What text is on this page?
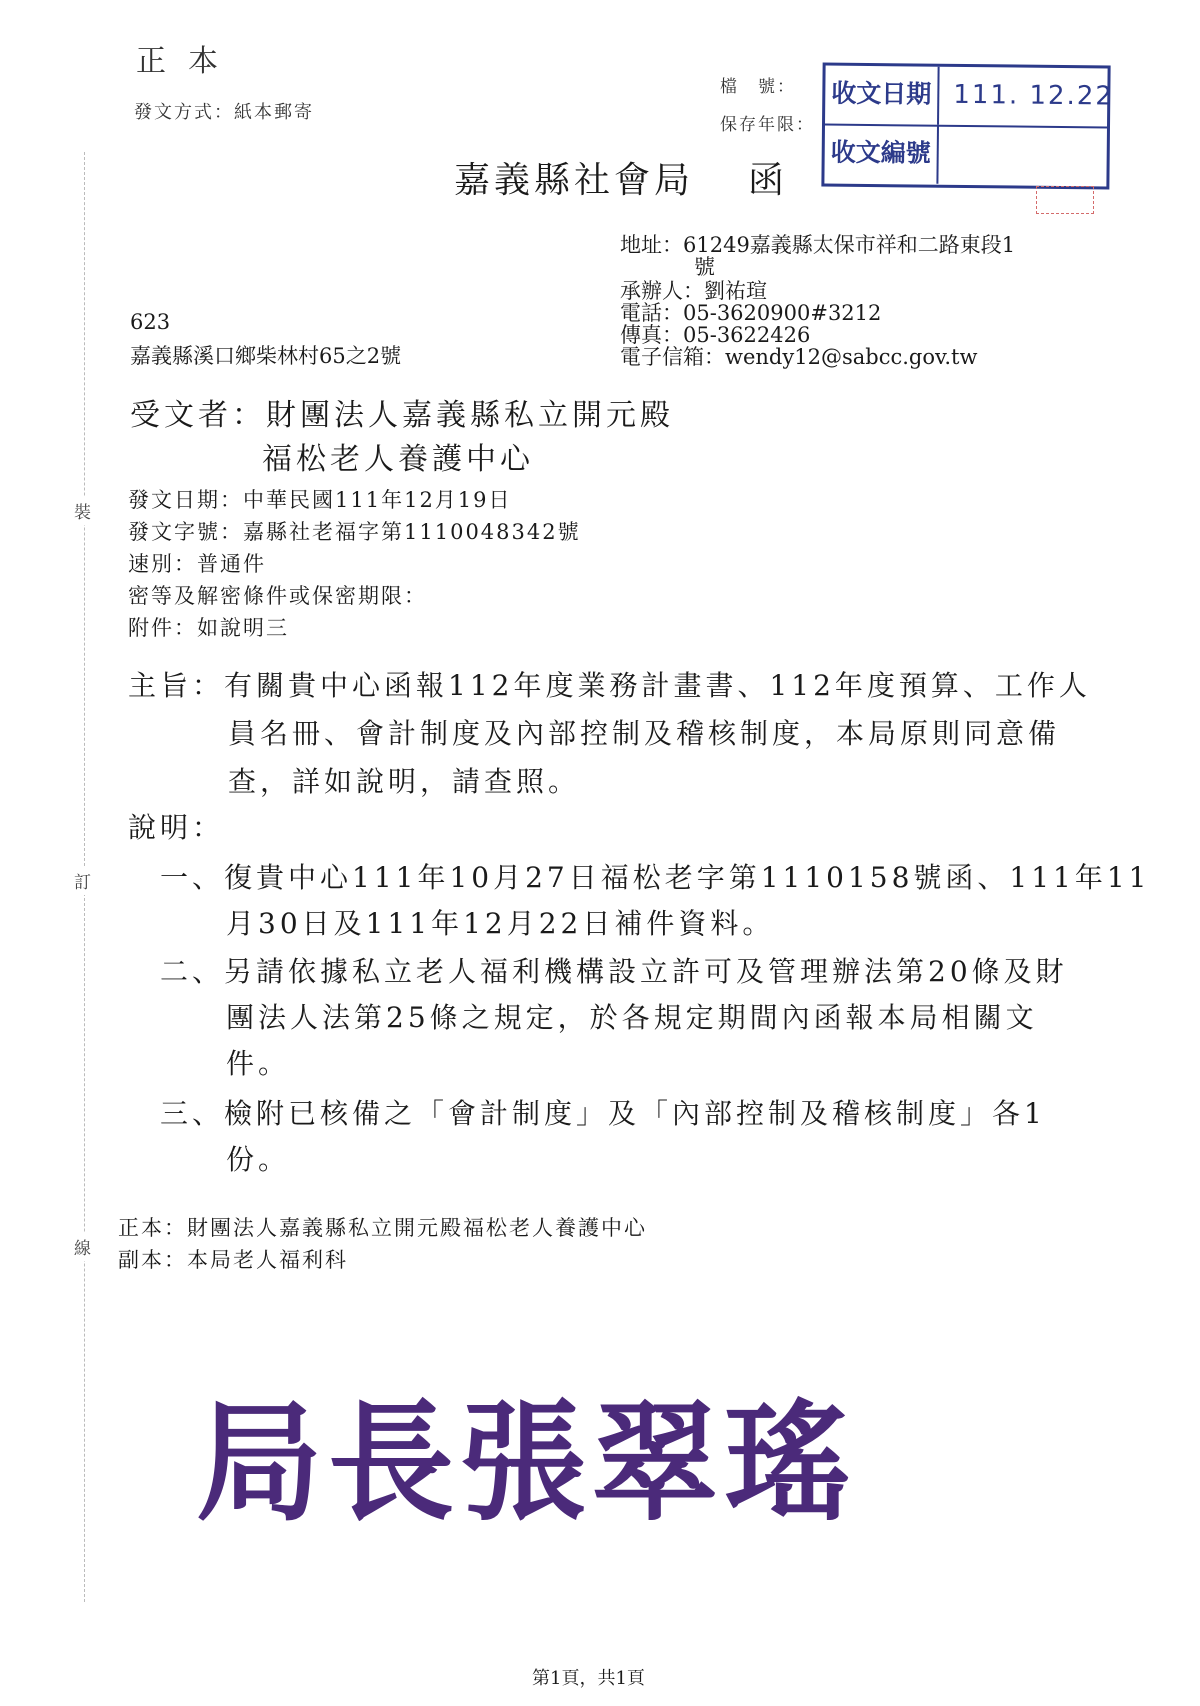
正本
發文方式：紙本郵寄
檔　號：
保存年限：
收文日期 111. 12.22
收文編號
嘉義縣社會局 函
地址：61249嘉義縣太保市祥和二路東段1
號
承辦人：劉祐瑄
電話：05-3620900#3212
傳真：05-3622426
電子信箱：wendy12@sabcc.gov.tw
623
嘉義縣溪口鄉柴林村65之2號
受文者：財團法人嘉義縣私立開元殿
福松老人養護中心
發文日期：中華民國111年12月19日
發文字號：嘉縣社老福字第1110048342號
速別：普通件
密等及解密條件或保密期限：
附件：如說明三
主旨：有關貴中心函報112年度業務計畫書、112年度預算、工作人
員名冊、會計制度及內部控制及稽核制度，本局原則同意備
查，詳如說明，請查照。
說明：
一、復貴中心111年10月27日福松老字第1110158號函、111年11
月30日及111年12月22日補件資料。
二、另請依據私立老人福利機構設立許可及管理辦法第20條及財
團法人法第25條之規定，於各規定期間內函報本局相關文
件。
三、檢附已核備之「會計制度」及「內部控制及稽核制度」各1
份。
正本：財團法人嘉義縣私立開元殿福松老人養護中心
副本：本局老人福利科
裝
訂
線
局長張翠瑤
第1頁，共1頁
